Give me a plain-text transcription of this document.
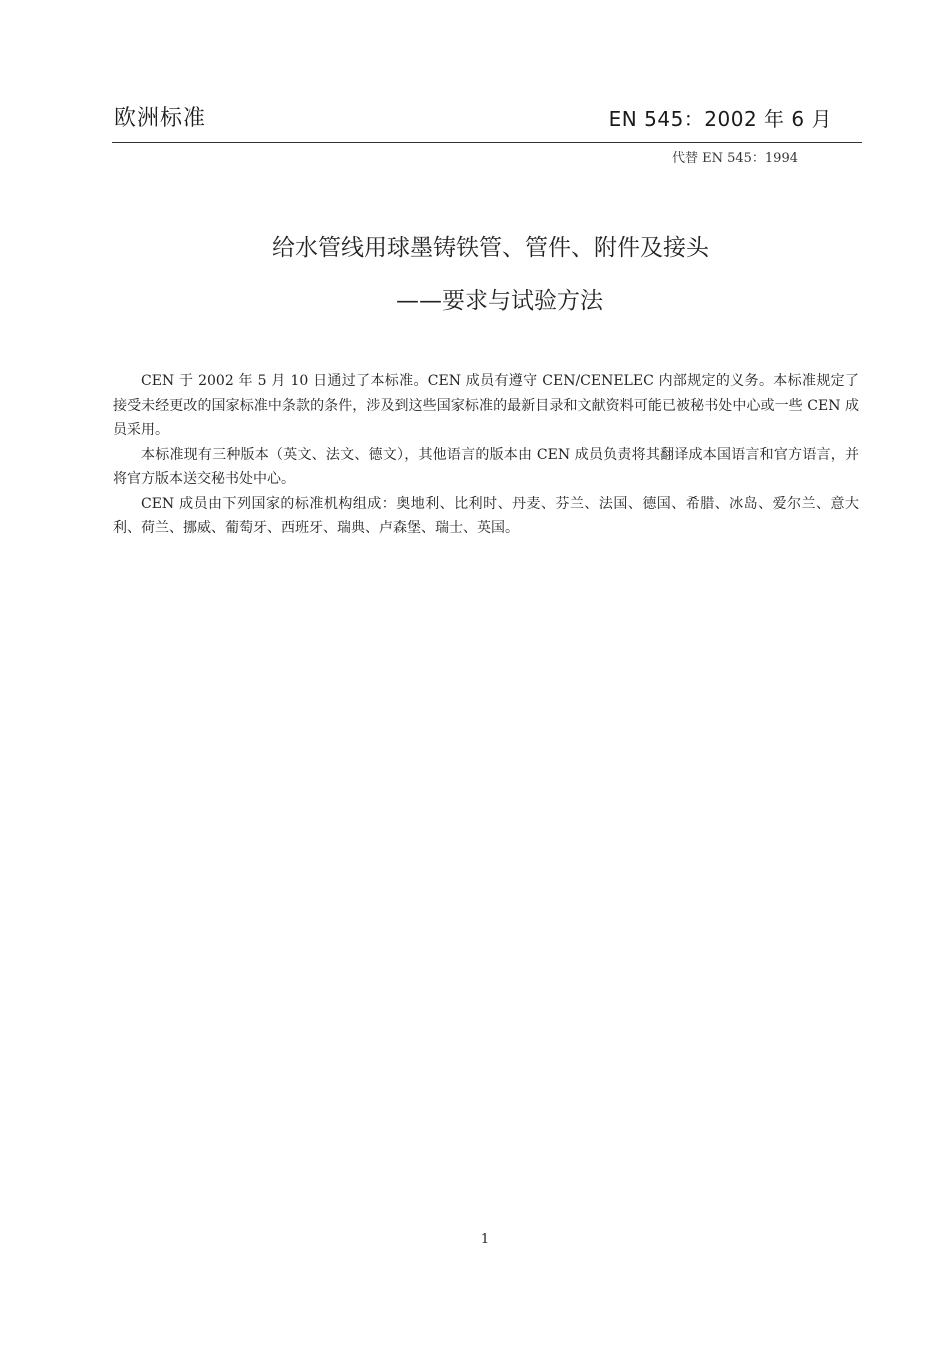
欧洲标准	EN 545：2002 年 6 月
代替 EN 545：1994
给水管线用球墨铸铁管、管件、附件及接头
——要求与试验方法

CEN 于 2002 年 5 月 10 日通过了本标准。CEN 成员有遵守 CEN/CENELEC 内部规定的义务。本标准规定了接受未经更改的国家标准中条款的条件，涉及到这些国家标准的最新目录和文献资料可能已被秘书处中心或一些 CEN 成员采用。

本标准现有三种版本（英文、法文、德文），其他语言的版本由 CEN 成员负责将其翻译成本国语言和官方语言，并将官方版本送交秘书处中心。

CEN 成员由下列国家的标准机构组成：奥地利、比利时、丹麦、芬兰、法国、德国、希腊、冰岛、爱尔兰、意大利、荷兰、挪威、葡萄牙、西班牙、瑞典、卢森堡、瑞士、英国。

1
